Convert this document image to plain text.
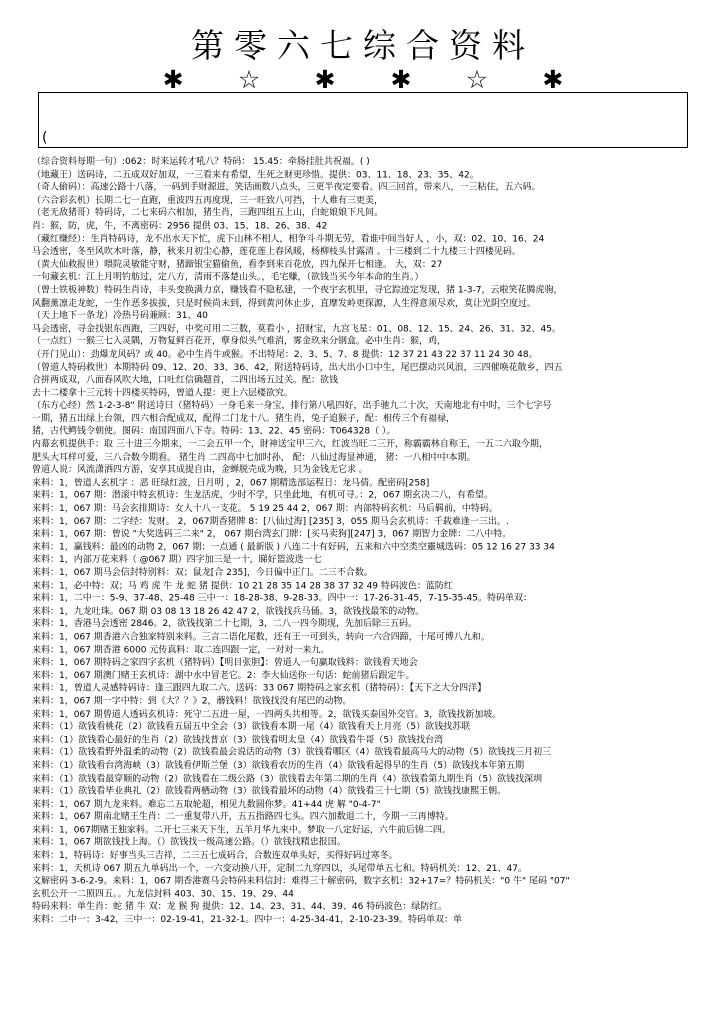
第零六七综合资料
✱ ☆ ✱ ✱ ☆ ✱
(
（综合资料每期一句）:062：时来运转才吼八？特码： 15.45：牵肠挂肚共祝福。( )
（地藏王）送码诗，二五成双好加双，一三看来有希望，生死之财更珍惜。提供：03、11、18、23、35、42。
（奇人偷码）：高速公路十八落，一码到手财源进，笑话画数八点头，三更半夜定要看。四三回首，带来八，一三粘住，五六码。
（六合彩玄机）长期二七一直跑，重波四五再度现，三一旺致八可挡，十人难有三更美，
（老无敌猪哥）特码诗，二七来码六相加，猪生肖，三跑四组五上山，白蛇娘娘下凡间。
肖：猴，防，虎，牛，不离密码：2956 提供 03、15、18、26、38、42
（藏红赚经）：生肖特码诗，龙不出水天下忙，虎下山林不相人，相争斗斗期无劳，看谁中间当好人 ，小，双：02、10、16、24
马会透密，冬至风吹木叶落，静，秋来月初尘心静，莲花莲上春风暖，杨柳枝头甘露清 。十三楼到二十九楼三十四楼见码。
（黄大仙救报世）喂院灵敏能守财，猪蹄银宝猫偷鱼，看李到来百花放，四九保开七相逢。 大，双：27
一句藏玄机：江上月明钓舫过，定八方，清雨不落楚山头。，毛宅赚，（欲钱当买今年本命的生肖。）
（曾士铁板神数）特码生肖诗，丰头变换满力京，赚钱看不隐私建，一个夜宇玄机里，寻它踪迹定发现，猪 1-3-7，云啦笑花腾虎驹，
风翻薰凛走龙蛇，一生作恶多拔拔，只是时候尚未到，得到黄河休止步，直摩发岭更探源，人生得意须尽欢，莫让光阴空度过。
（天上地下一条龙）冷热号码兼顾：31、40
马会透密，寻金找银东西跑，三四好，中奖可用二三数，莫看小 ，招财宝，九宫飞星：01、08、12、15、24、26、31、32、45。
（一点红）一猴三七入灵隅，万物复鲜百花开，孽身似头气难消，雾金玖来分钢盒。必中生肖：猴，鸡，
（开门见山）：劲爆龙风码？或 40。必中生肖牛或猴。不出特尾：2、3、5、7、8 提供：12 37 21 43 22 37 11 24 30 48。
（曾道人特码救世）本期特码 09、12、20、33、36、42，附送特码诗，出大出小口中生，尾巴摆动兴风浪，三四催唤花散乡，四五
合拼两成双，八面春风吹大地，口吐红信确题首，二四出场五过关。配：欲钱
去十二楼拿十三元转十四楼买特码，曾道人提：更上六层楼欲究。
（东方心经）然 1-2-3-8" 附送诗曰（猪特码）一身毛来一身宝，排行第八吼四好，出手驰九二十次，天南地北有中时，三个七字号
一期，猪五出绿上台领，四六相合配成双，配得二门龙十八。猪生肖，兔子追猴子，配：相传三个有福禄，
猪，古代鳄钱令朝使。图码：南国四面八下寺。特码：13、22、45 密码：T064328（ ）。
内幕玄机提供手：取 三十进三今期来，一二会五甲一个，財神送宝甲三六，红波当旺二三开，称霸霸林自称王，一五二六取今期，
肥头大耳样可爱，三八合数今期看。 猪生肖 二四高中七加时孙， 配：八仙过海显神通， 猪：一八相中中本期。
曾道人说：风流潇洒四方游，安享其成提自由，金蝉脱壳成为晚，只为金钱无它求 。
来料：1，曾道人玄机字 ：恶 旺绿红波，日月明 ，2，067 期精选部运程日：龙马倩。配密码[258]
来料：1，067 期：潜滚中特玄机诗：生龙活虎，少时不学，只坐此地，有机可寻。：2，067 期玄决二八，有希望。
来料：1，067 期：马会玄排期诗：女人十八一支花。 5 19 25 44 2，067 期：内部特码玄机：马后羁前，中特码。
来料：1，067 期：二字经：发财。 2，067期香猪牌 8：[八仙过海] [235] 3，055 期马会玄机诗：千载难逢一三出。.
来料：1，067 期：曾说 "大奖选码三二来" 2， 067 期台湾玄门牌：[买马卖狗][247] 3，067 期智力金牌：二八中特。
来料：1，赢钱料：最凶的动物 2，067 期：一点通 ( 最新版 ) 八连二十有好码，五来和六中空类空靈城选码：05 12 16 27 33 34
来料：1，内部万花来料（ @067 期）四字加三是一十，睇好篮波选一七
来料：1，067 期马会信封特别料：双；鼠龙[合 235]，今日偏中正门。二三不合数。
来料：1，必中特：双；马 鸡 虎 牛 龙 蛇 猪 提供：10 21 28 35 14 28 38 37 32 49 特码波色：蓝防红
来料：1，二中一：5-9、37-48、25-48 三中一：18-28-38、9-28-33。四中一：17-26-31-45，7-15-35-45。特码单双：
来料：1，九龙吐珠。067 期 03 08 13 18 26 42 47 2，欲钱找兵马俑。3，欲钱找最笨的动物。
来料：1，香港马会透密 2846。2，欲钱找第二十七期，3，二八一四今期现，先加后除三五码。
来料：1，067 期香港六合独家特别来料。三言二语化尾数，还有王一可到头，转向一六合四蹄，十尾可博八九和。
来料：1，067 期香港 6000 元传真料：取二连四跟一定，一对对一来九。
来料：1，067 期特码之家四字玄机（猪特码）【明目张胆】：曾道人一句赢取钱料：欲钱看天地会
来料：1，067 期澳门赌王玄机诗：湖中水中冒老它。2：李大仙送你一句话：蛇前猪后跟定牛。
来料：1，曾道人灵感特码诗：逢三跟四九取二六。送码：33 067 期特码之家玄机（猪特码）：【天下之大分四洋】
来料：1，067 期一字中特：到《大？？》2，蘑钱料！欲钱找没有尾巴的动物。
来料：1，067 期曾道人透码玄机诗：死守二五进一屋，一四两头共相等。2，欲钱买泰国外交官。3，欲钱找新加坡。
来料：（1）欲钱看桃花（2）欲钱看五届五中全会（3）欲钱看本期一尾（4）欲钱看天上月亮（5）欲钱找苏联
来料：（1）欲钱看心最好的生肖（2）欲钱找普京（3）欲钱看明太皇（4）欲钱看牛哥（5）欲钱找台湾
来料：（1）欲钱看野外温柔的动物（2）欲钱看最会说话的动物（3）欲钱看哪区（4）欲钱看最高马大的动物（5）欲钱找三月初三
来料：（1）欲钱看台湾海峡（3）欲钱看伊斯兰堡（3）欲钱看农历的生肖（4）欲钱看起得早的生肖（5）欲钱找本年第五期
来料：（1）欲钱看最穿顺的动物（2）欲钱看在二级公路（3）欲钱看去年第二期的生肖（4）欲钱看第九期生肖（5）欲钱找深圳
来料：（1）欲钱看毕业典礼（2）欲钱看两栖动物（3）欲钱看最坏的动物（4）欲钱看三十七期（5）欲钱找康熙王朝。
来料：1，067 期九龙来料。难忘二五取轮超，相见九数圆你梦。41+44 虎 解 "0-4-7"
来料：1，067 期南北赌王生肖：二一重复带八开，五五指路四七头。四六加数退二十，今期一三再博特。
来料：1，067期赌王独家料。二开七三来天下生，五羊月华九来中。梦取一八定好运，六牛前后锦二四。
来料：1，067 期欲钱找上海。（）欲钱找一级高速公路。（）欲钱找精忠报国。
来料：1，特码诗：好事当头三吉祥，二三五七成码合，合数连双单头好，买得好码过寒冬。
来料：1，天机诗 067 期五九单码出一个，一六变动换八开，定制二九穿四以，头尾带单五七和。特码机关：12、21、47。
文解密码 3-6-2-9。来料：1，067 期香港赛马会特码来料信封：难得三十解密码，数字玄机：32+17=？特码机关："0 牛" 尾码 "07"
玄机公开一二照四五。。九龙信封料 403、30、15、19、29、44
特码来料：单生肖：蛇 猪 牛 双：龙 猴 狗 提供：12、14、23、31、44、39、46 特码波色：绿防红。
来料：二中一：3-42，三中一：02-19-41，21-32-1。四中一：4-25-34-41，2-10-23-39。特码单双：单
